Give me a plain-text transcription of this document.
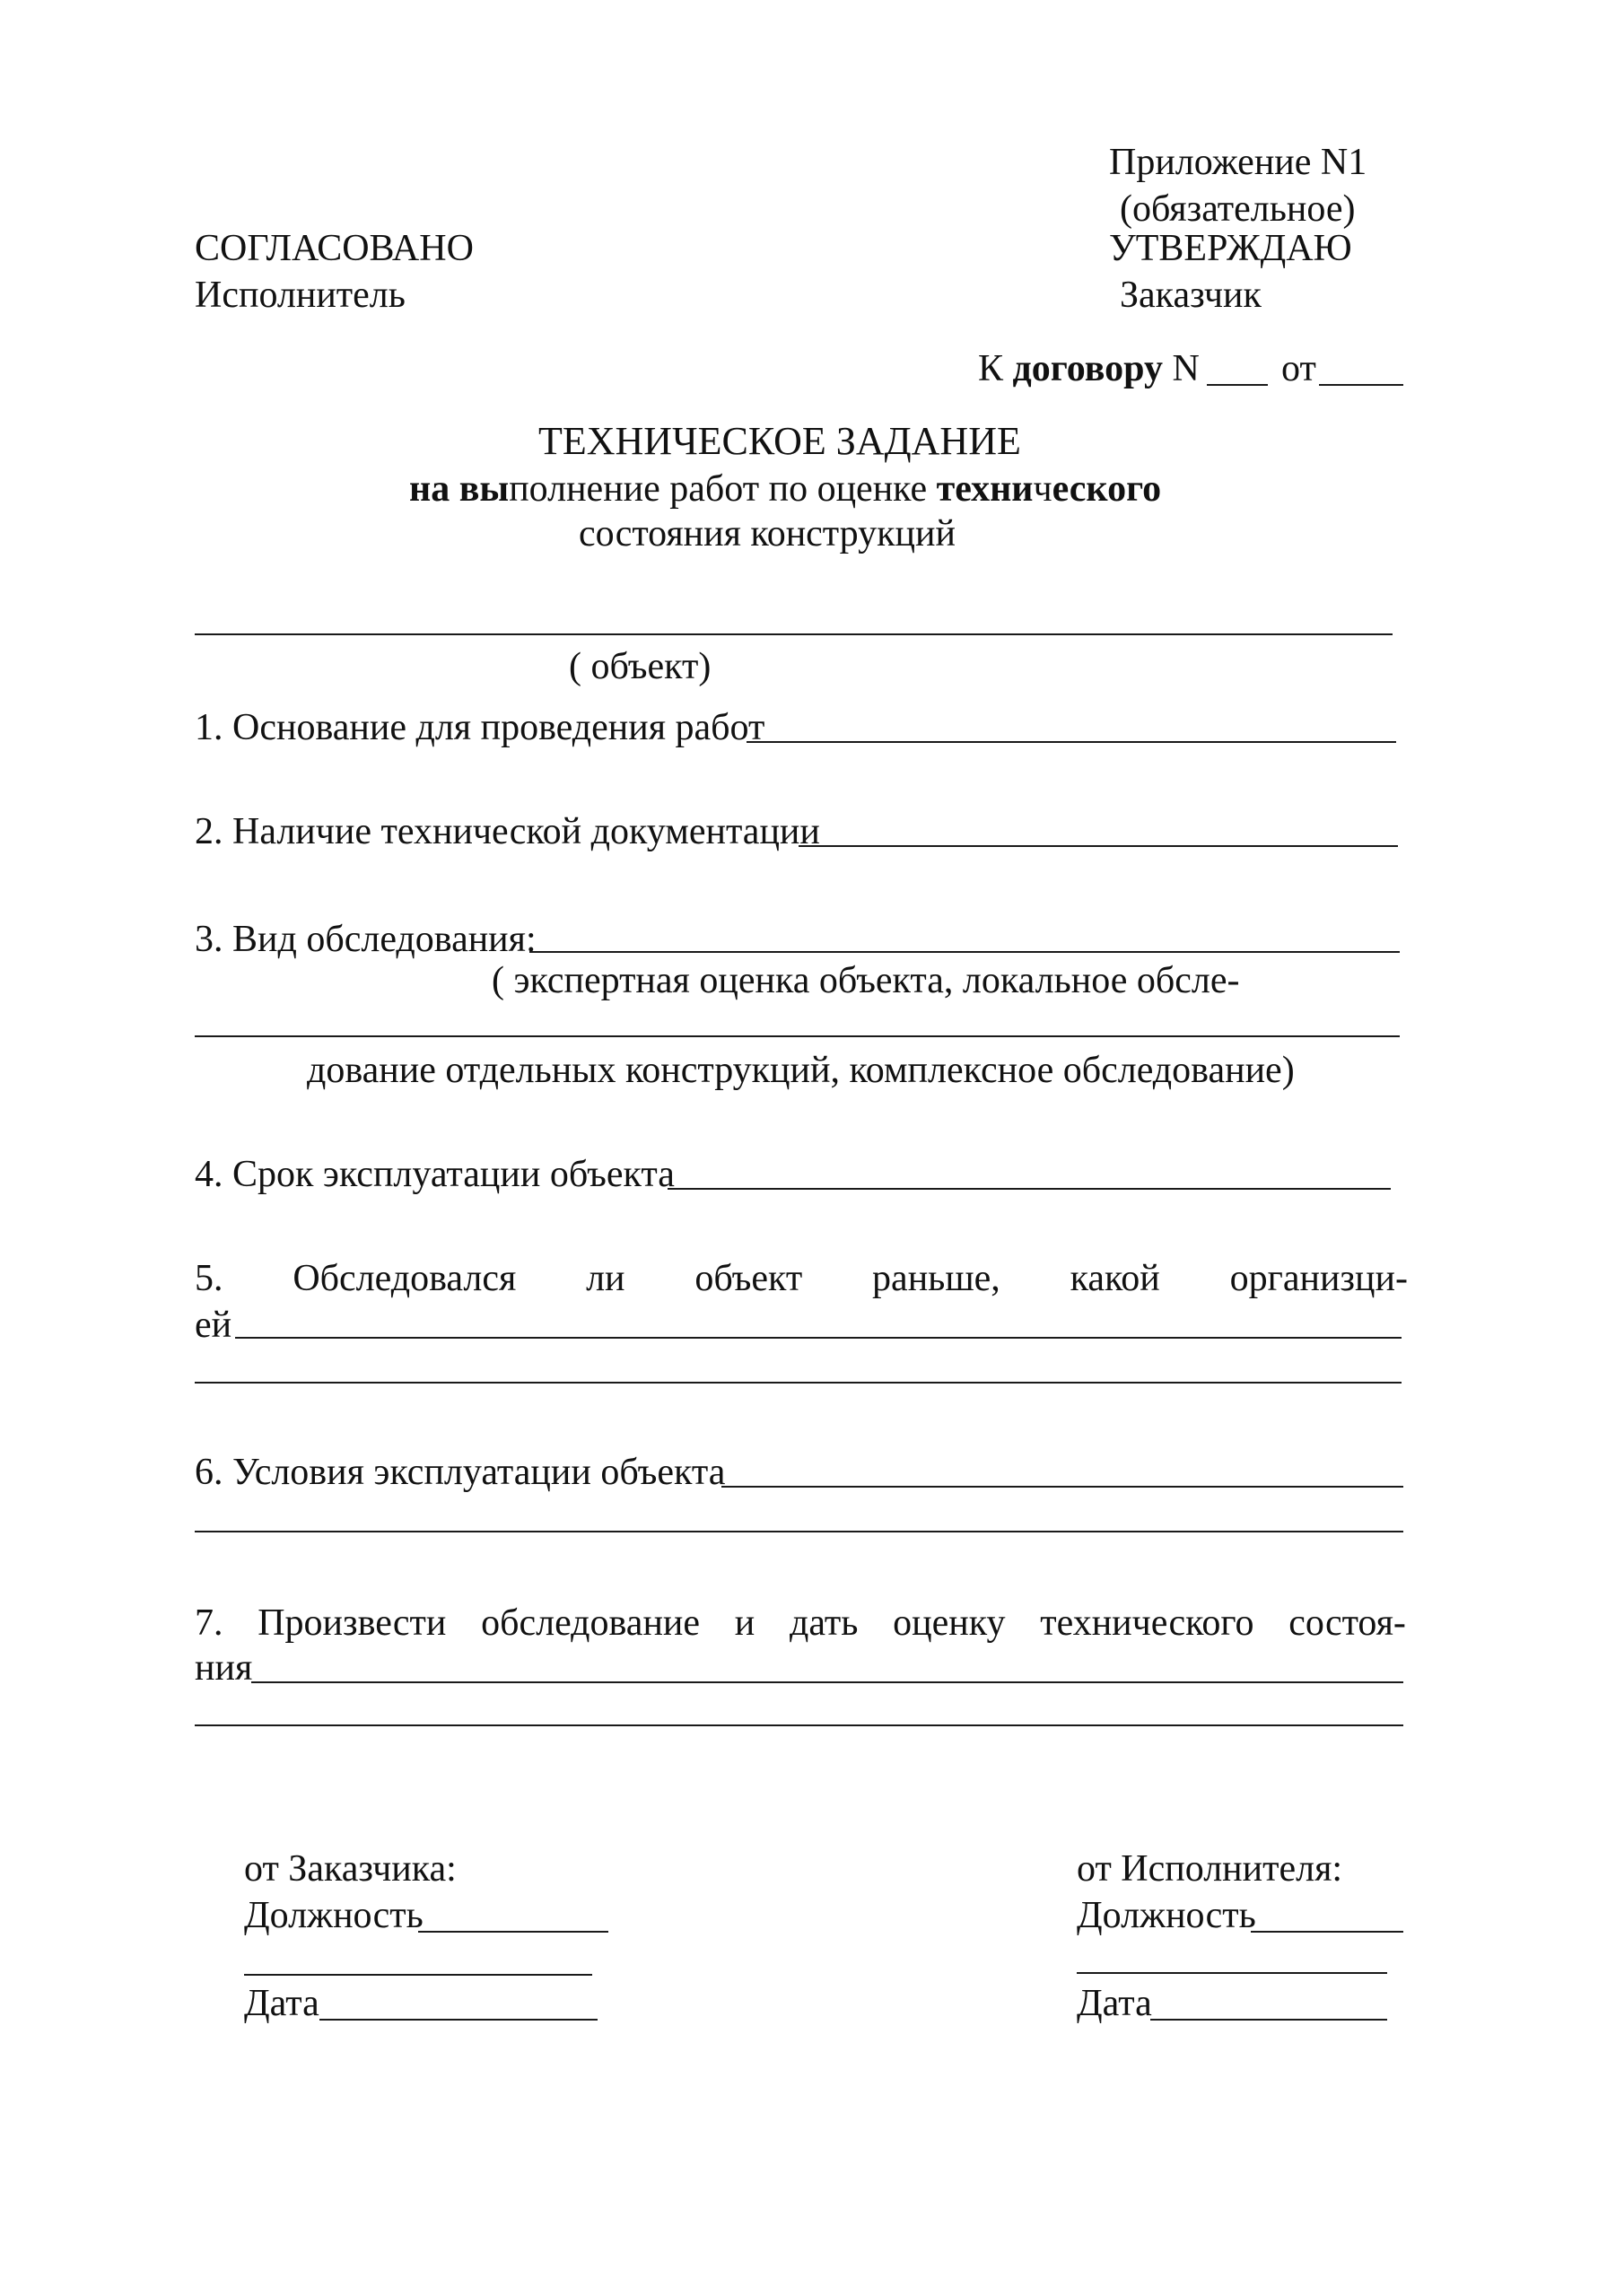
Приложение N1
(обязательное)
СОГЛАСОВАНО	УТВЕРЖДАЮ
Исполнитель	Заказчик
К договору N от
ТЕХНИЧЕСКОЕ ЗАДАНИЕ
на выполнение работ по оценке технического
состояния конструкций
( объект)
1. Основание для проведения работ
2. Наличие технической документации
3. Вид обследования:
( экспертная оценка объекта, локальное обсле-
дование отдельных конструкций, комплексное обследование)
4. Срок эксплуатации объекта
5. Обследовался ли объект раньше, какой организци-
ей
6. Условия эксплуатации объекта
7. Произвести обследование и дать оценку технического состоя-
ния
от Заказчика:
Должность
Дата
от Исполнителя:
Должность
Дата
